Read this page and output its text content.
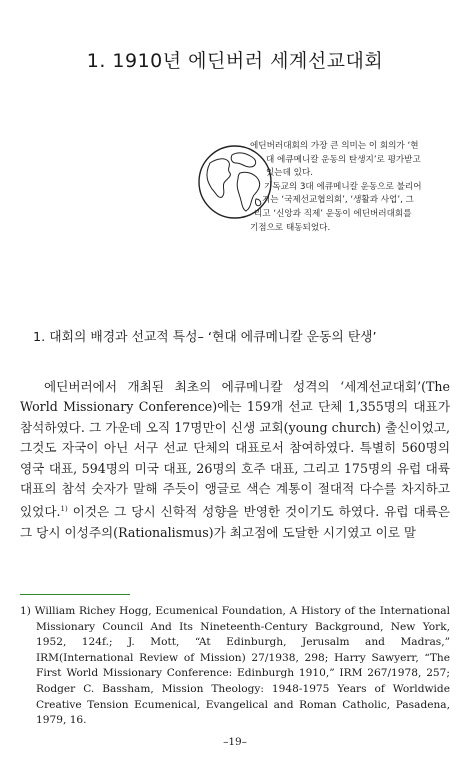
1. 1910년 에딘버러 세계선교대회

에딘버러대회의 가장 큰 의미는 이 회의가 ‘현

대 에큐메니칼 운동의 탄생지’로 평가받고

있는데 있다.

기독교의 3대 에큐메니칼 운동으로 불리어

지는 ‘국제선교협의회’, ‘생활과 사업’, 그

리고 ‘신앙과 직제’ 운동이 에딘버러대회를

기점으로 태동되었다.

1. 대회의 배경과 선교적 특성– ‘현대 에큐메니칼 운동의 탄생’

에딘버러에서 개최된 최초의 에큐메니칼 성격의 ‘세계선교대회’(The World Missionary Conference)에는 159개 선교 단체 1,355명의 대표가 참석하였다. 그 가운데 오직 17명만이 신생 교회(young church) 출신이었고, 그것도 자국이 아닌 서구 선교 단체의 대표로서 참여하였다. 특별히 560명의 영국 대표, 594명의 미국 대표, 26명의 호주 대표, 그리고 175명의 유럽 대륙 대표의 참석 숫자가 말해 주듯이 앵글로 색슨 계통이 절대적 다수를 차지하고 있었다.$^{1)}$ 이것은 그 당시 신학적 성향을 반영한 것이기도 하였다. 유럽 대륙은 그 당시 이성주의(Rationalismus)가 최고점에 도달한 시기였고 이로 말

1) William Richey Hogg, Ecumenical Foundation, A History of the International Missionary Council And Its Nineteenth-Century Background, New York, 1952, 124f.; J. Mott, “At Edinburgh, Jerusalm and Madras,” IRM(International Review of Mission) 27/1938, 298; Harry Sawyerr, “The First World Missionary Conference: Edinburgh 1910,” IRM 267/1978, 257; Rodger C. Bassham, Mission Theology: 1948-1975 Years of Worldwide Creative Tension Ecumenical, Evangelical and Roman Catholic, Pasadena, 1979, 16.

–19–
